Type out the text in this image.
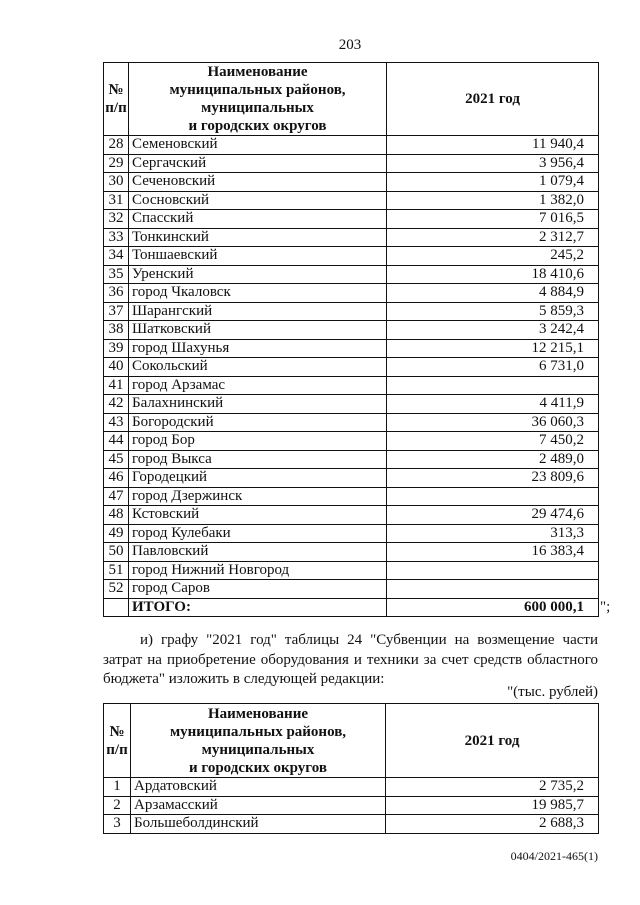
203
№
п/п	Наименование
муниципальных районов,
муниципальных
и городских округов	2021 год
28	Семеновский	11 940,4
29	Сергачский	3 956,4
30	Сеченовский	1 079,4
31	Сосновский	1 382,0
32	Спасский	7 016,5
33	Тонкинский	2 312,7
34	Тоншаевский	245,2
35	Уренский	18 410,6
36	город Чкаловск	4 884,9
37	Шарангский	5 859,3
38	Шатковский	3 242,4
39	город Шахунья	12 215,1
40	Сокольский	6 731,0
41	город Арзамас	
42	Балахнинский	4 411,9
43	Богородский	36 060,3
44	город Бор	7 450,2
45	город Выкса	2 489,0
46	Городецкий	23 809,6
47	город Дзержинск	
48	Кстовский	29 474,6
49	город Кулебаки	313,3
50	Павловский	16 383,4
51	город Нижний Новгород	
52	город Саров	
	ИТОГО:	600 000,1 ";
и) графу "2021 год" таблицы 24 "Субвенции на возмещение части
затрат на приобретение оборудования и техники за счет средств областного
бюджета" изложить в следующей редакции:
"(тыс. рублей)
№
п/п	Наименование
муниципальных районов,
муниципальных
и городских округов	2021 год
1	Ардатовский	2 735,2
2	Арзамасский	19 985,7
3	Большеболдинский	2 688,3
0404/2021-465(1)
